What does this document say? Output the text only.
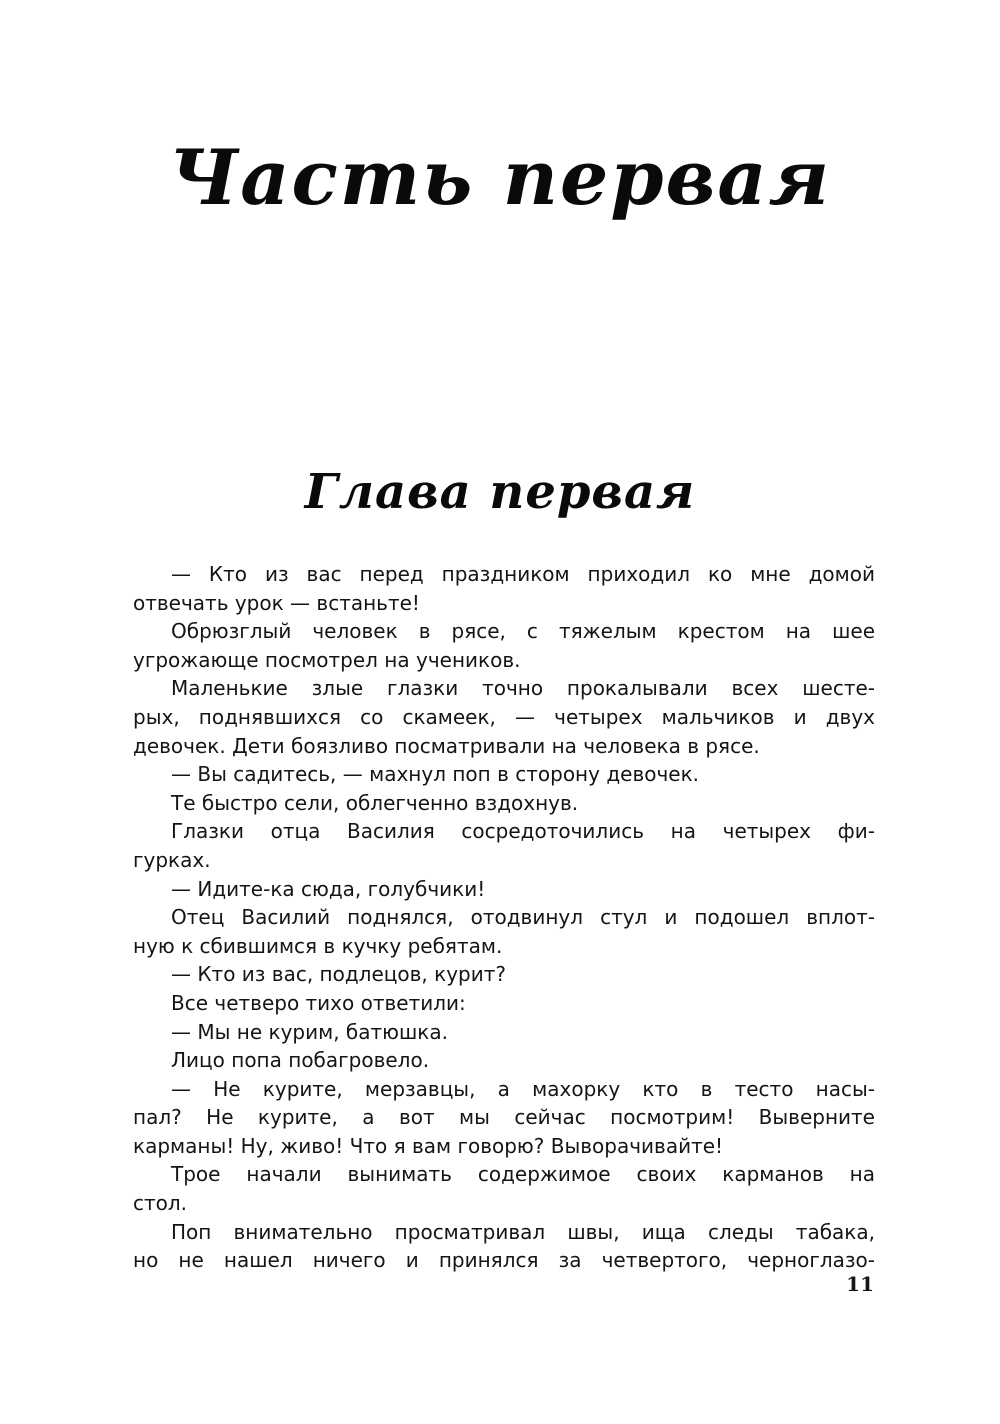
Часть первая
Глава первая
— Кто из вас перед праздником приходил ко мне домой
отвечать урок — встаньте!
Обрюзглый человек в рясе, с тяжелым крестом на шее
угрожающе посмотрел на учеников.
Маленькие злые глазки точно прокалывали всех шесте-
рых, поднявшихся со скамеек, — четырех мальчиков и двух
девочек. Дети боязливо посматривали на человека в рясе.
— Вы садитесь, — махнул поп в сторону девочек.
Те быстро сели, облегченно вздохнув.
Глазки отца Василия сосредоточились на четырех фи-
гурках.
— Идите-ка сюда, голубчики!
Отец Василий поднялся, отодвинул стул и подошел вплот-
ную к сбившимся в кучку ребятам.
— Кто из вас, подлецов, курит?
Все четверо тихо ответили:
— Мы не курим, батюшка.
Лицо попа побагровело.
— Не курите, мерзавцы, а махорку кто в тесто насы-
пал? Не курите, а вот мы сейчас посмотрим! Выверните
карманы! Ну, живо! Что я вам говорю? Выворачивайте!
Трое начали вынимать содержимое своих карманов на
стол.
Поп внимательно просматривал швы, ища следы табака,
но не нашел ничего и принялся за четвертого, черноглазо-
11
